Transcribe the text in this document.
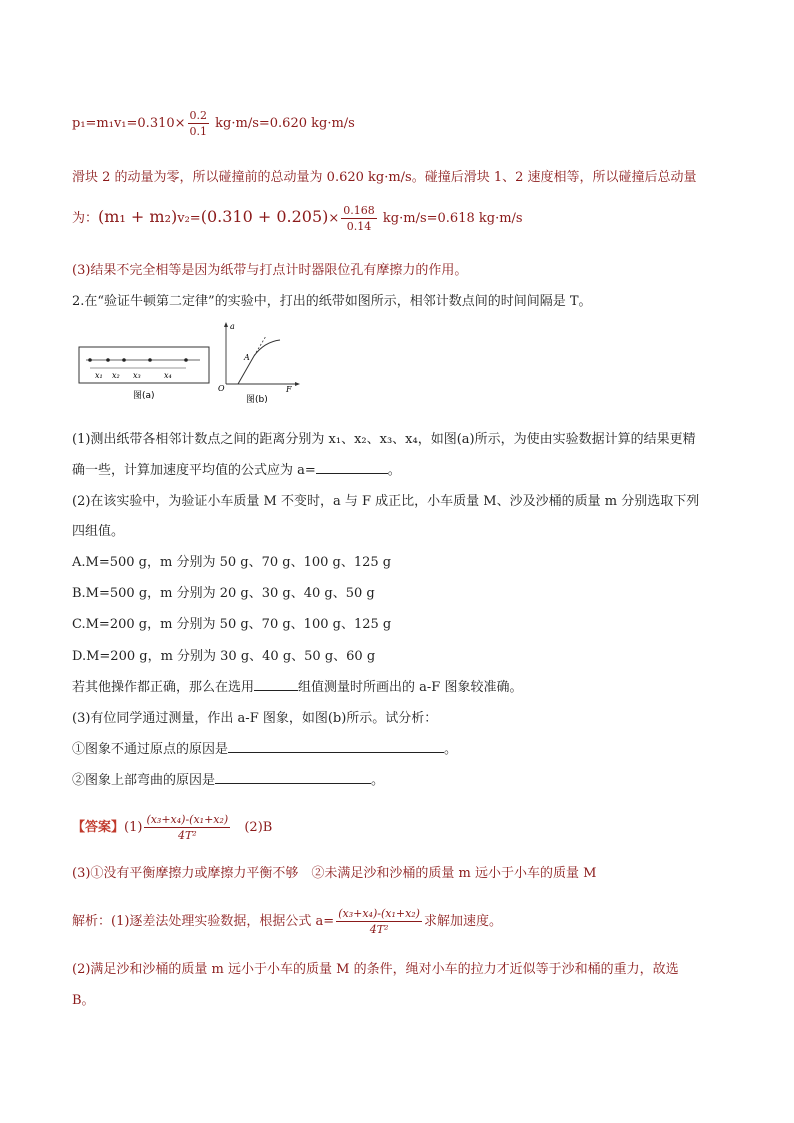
$p_1=m_1v_1=0.310\times \frac{0.2}{0.1} kg\cdot m/s=0.620$ kg·m/s
滑块 2 的动量为零，所以碰撞前的总动量为 0.620 kg·m/s。碰撞后滑块 1、2 速度相等，所以碰撞后总动量
为：$(m_1 + m_2)v_2=(0.310 + 0.205)\times \frac{0.168}{0.14} kg\cdot m/s=0.618$ kg·m/s
(3)结果不完全相等是因为纸带与打点计时器限位孔有摩擦力的作用。
2.在“验证牛顿第二定律”的实验中，打出的纸带如图所示，相邻计数点间的时间间隔是 T。
x₁ x₂ x₃	x₄
图(a)
a
A
O	F
图(b)
(1)测出纸带各相邻计数点之间的距离分别为 x₁、x₂、x₃、x₄，如图(a)所示，为使由实验数据计算的结果更精
确一些，计算加速度平均值的公式应为 a=	。
(2)在该实验中，为验证小车质量 M 不变时，a 与 F 成正比，小车质量 M、沙及沙桶的质量 m 分别选取下列
四组值。
A.M=500 g，m 分别为 50 g、70 g、100 g、125 g
B.M=500 g，m 分别为 20 g、30 g、40 g、50 g
C.M=200 g，m 分别为 50 g、70 g、100 g、125 g
D.M=200 g，m 分别为 30 g、40 g、50 g、60 g
若其他操作都正确，那么在选用	组值测量时所画出的 a-F 图象较准确。
(3)有位同学通过测量，作出 a-F 图象，如图(b)所示。试分析：
①图象不通过原点的原因是	。
②图象上部弯曲的原因是	。
【答案】$(1) \frac{\text{(x₃+x₄)-(x₁+x₂)}}{\text{4T²}} (2)B$
(3)①没有平衡摩擦力或摩擦力平衡不够　②未满足沙和沙桶的质量 m 远小于小车的质量 M
解析：(1)逐差法处理实验数据，根据公式 $a= \frac{\text{(x₃+x₄)-(x₁+x₂)}}{\text{4T²}}$ 求解加速度。
(2)满足沙和沙桶的质量 m 远小于小车的质量 M 的条件，绳对小车的拉力才近似等于沙和桶的重力，故选
B。
